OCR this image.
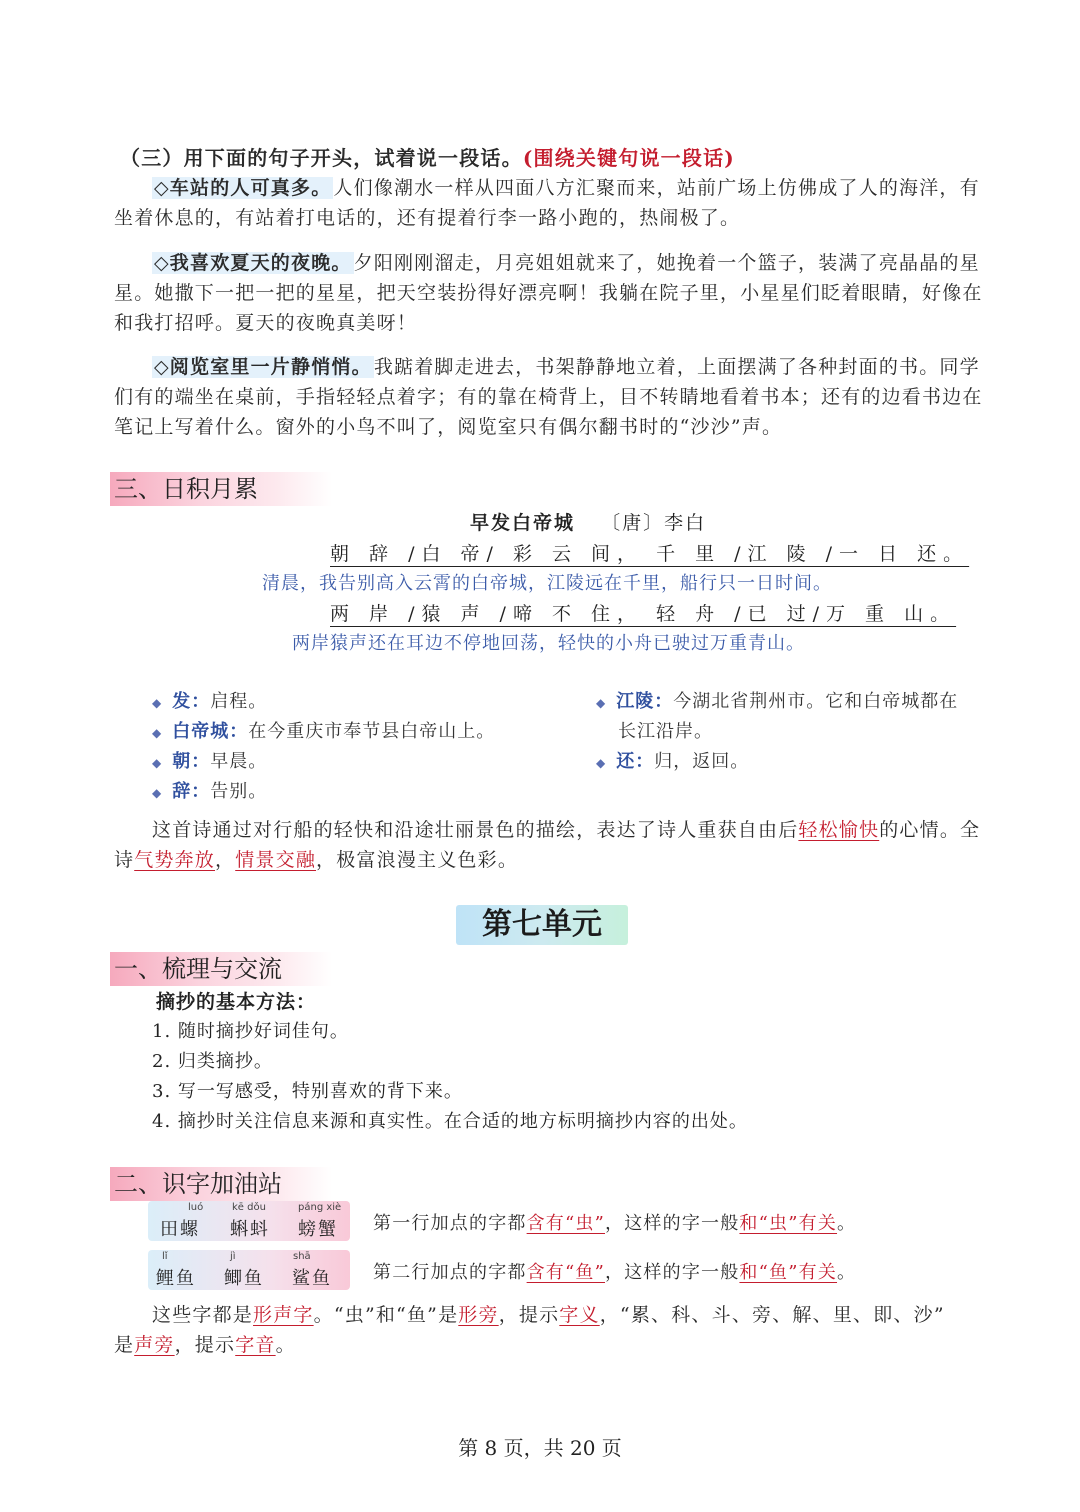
（三）用下面的句子开头，试着说一段话。(围绕关键句说一段话)
◇车站的人可真多。 人们像潮水一样从四面八方汇聚而来，站前广场上仿佛成了人的海洋，有
坐着休息的，有站着打电话的，还有提着行李一路小跑的，热闹极了。
◇我喜欢夏天的夜晚。 夕阳刚刚溜走，月亮姐姐就来了，她挽着一个篮子，装满了亮晶晶的星
星。她撒下一把一把的星星，把天空装扮得好漂亮啊！我躺在院子里，小星星们眨着眼睛，好像在
和我打招呼。夏天的夜晚真美呀！
◇阅览室里一片静悄悄。 我踮着脚走进去，书架静静地立着，上面摆满了各种封面的书。同学
们有的端坐在桌前，手指轻轻点着字；有的靠在椅背上，目不转睛地看着书本；还有的边看书边在
笔记上写着什么。窗外的小鸟不叫了，阅览室只有偶尔翻书时的“沙沙”声。
三、日积月累
早发白帝城 〔唐〕李白
朝 辞 /白 帝/ 彩 云 间， 千 里 /江 陵 /一 日 还。
清晨，我告别高入云霄的白帝城，江陵远在千里，船行只一日时间。
两 岸 /猿 声 /啼 不 住， 轻 舟 /已 过/万 重 山。
两岸猿声还在耳边不停地回荡，轻快的小舟已驶过万重青山。
◆ 发：启程。
◆ 白帝城：在今重庆市奉节县白帝山上。
◆ 朝：早晨。
◆ 辞：告别。
◆ 江陵：今湖北省荆州市。它和白帝城都在
长江沿岸。
◆ 还：归，返回。
这首诗通过对行船的轻快和沿途壮丽景色的描绘，表达了诗人重获自由后轻松愉快的心情。全
诗气势奔放，情景交融，极富浪漫主义色彩。
第七单元
一、梳理与交流
摘抄的基本方法：
1. 随时摘抄好词佳句。
2. 归类摘抄。
3. 写一写感受，特别喜欢的背下来。
4. 摘抄时关注信息来源和真实性。在合适的地方标明摘抄内容的出处。
二、识字加油站
luó	kē dǒu	páng xiè
田螺 蝌蚪 螃蟹 第一行加点的字都含有“虫”，这样的字一般和“虫”有关。
lǐ	jì	shā
鲤鱼 鲫鱼 鲨鱼 第二行加点的字都含有“鱼”，这样的字一般和“鱼”有关。
这些字都是形声字。“虫”和“鱼”是形旁，提示字义，“累、科、斗、旁、解、里、即、沙”
是声旁，提示字音。
第 8 页，共 20 页
